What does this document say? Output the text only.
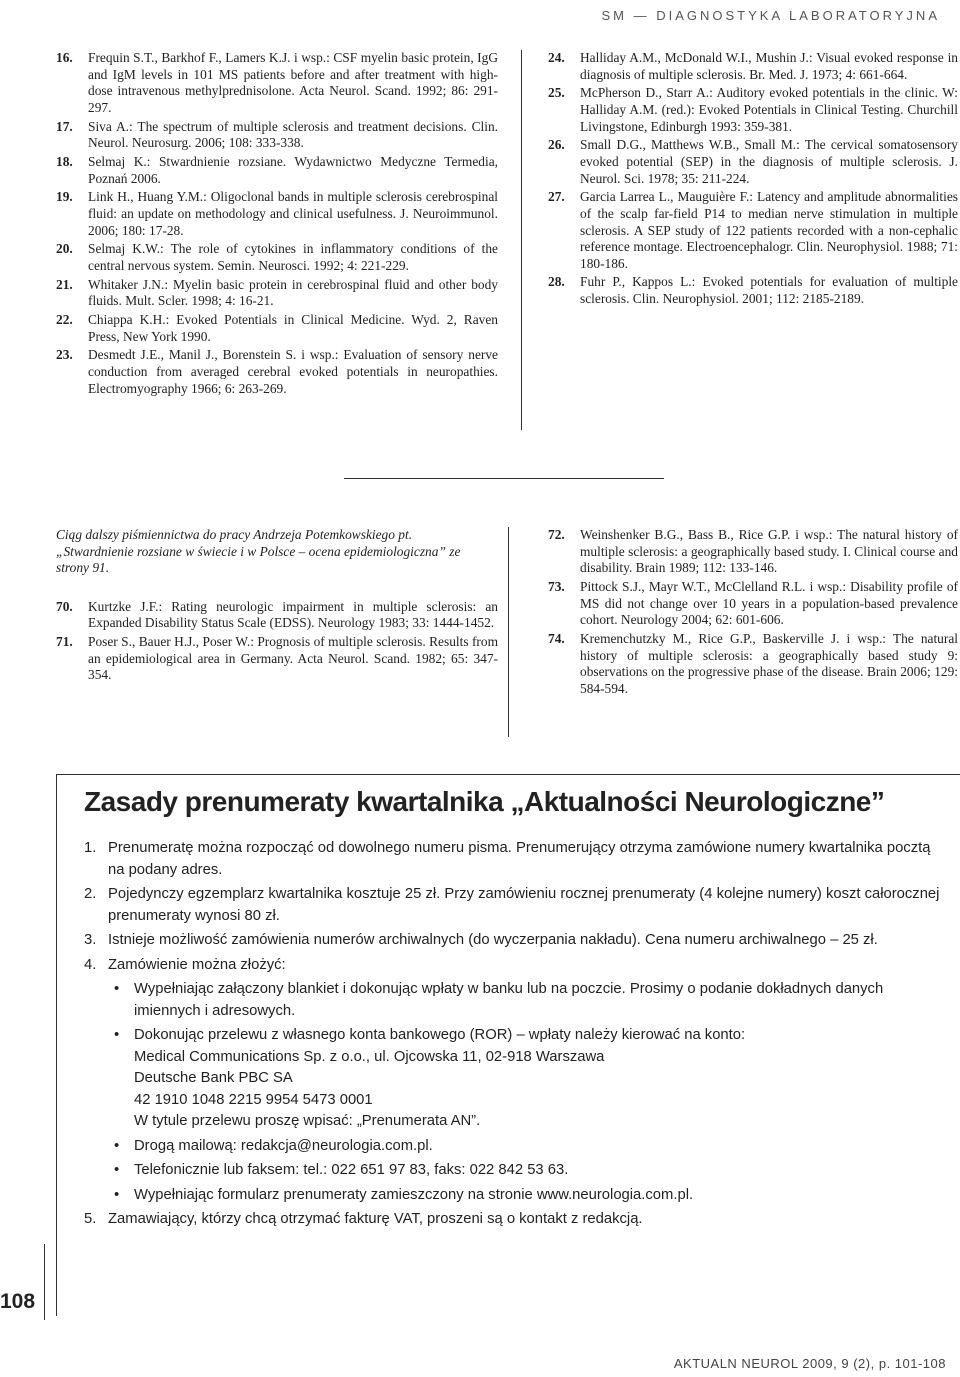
SM — DIAGNOSTYKA LABORATORYJNA
16.	Frequin S.T., Barkhof F., Lamers K.J. i wsp.: CSF myelin basic protein, IgG and IgM levels in 101 MS patients before and after treatment with high-dose intravenous methylprednisolone. Acta Neurol. Scand. 1992; 86: 291-297.
17.	Siva A.: The spectrum of multiple sclerosis and treatment decisions. Clin. Neurol. Neurosurg. 2006; 108: 333-338.
18.	Selmaj K.: Stwardnienie rozsiane. Wydawnictwo Medyczne Termedia, Poznań 2006.
19.	Link H., Huang Y.M.: Oligoclonal bands in multiple sclerosis cerebrospinal fluid: an update on methodology and clinical usefulness. J. Neuroimmunol. 2006; 180: 17-28.
20.	Selmaj K.W.: The role of cytokines in inflammatory conditions of the central nervous system. Semin. Neurosci. 1992; 4: 221-229.
21.	Whitaker J.N.: Myelin basic protein in cerebrospinal fluid and other body fluids. Mult. Scler. 1998; 4: 16-21.
22.	Chiappa K.H.: Evoked Potentials in Clinical Medicine. Wyd. 2, Raven Press, New York 1990.
23.	Desmedt J.E., Manil J., Borenstein S. i wsp.: Evaluation of sensory nerve conduction from averaged cerebral evoked potentials in neuropathies. Electromyography 1966; 6: 263-269.
24.	Halliday A.M., McDonald W.I., Mushin J.: Visual evoked response in diagnosis of multiple sclerosis. Br. Med. J. 1973; 4: 661-664.
25.	McPherson D., Starr A.: Auditory evoked potentials in the clinic. W: Halliday A.M. (red.): Evoked Potentials in Clinical Testing. Churchill Livingstone, Edinburgh 1993: 359-381.
26.	Small D.G., Matthews W.B., Small M.: The cervical somatosensory evoked potential (SEP) in the diagnosis of multiple sclerosis. J. Neurol. Sci. 1978; 35: 211-224.
27.	Garcia Larrea L., Mauguière F.: Latency and amplitude abnormalities of the scalp far-field P14 to median nerve stimulation in multiple sclerosis. A SEP study of 122 patients recorded with a non-cephalic reference montage. Electroencephalogr. Clin. Neurophysiol. 1988; 71: 180-186.
28.	Fuhr P., Kappos L.: Evoked potentials for evaluation of multiple sclerosis. Clin. Neurophysiol. 2001; 112: 2185-2189.
Ciąg dalszy piśmiennictwa do pracy Andrzeja Potemkowskiego pt. „Stwardnienie rozsiane w świecie i w Polsce – ocena epidemiologiczna” ze strony 91.
70.	Kurtzke J.F.: Rating neurologic impairment in multiple sclerosis: an Expanded Disability Status Scale (EDSS). Neurology 1983; 33: 1444-1452.
71.	Poser S., Bauer H.J., Poser W.: Prognosis of multiple sclerosis. Results from an epidemiological area in Germany. Acta Neurol. Scand. 1982; 65: 347-354.
72.	Weinshenker B.G., Bass B., Rice G.P. i wsp.: The natural history of multiple sclerosis: a geographically based study. I. Clinical course and disability. Brain 1989; 112: 133-146.
73.	Pittock S.J., Mayr W.T., McClelland R.L. i wsp.: Disability profile of MS did not change over 10 years in a population-based prevalence cohort. Neurology 2004; 62: 601-606.
74.	Kremenchutzky M., Rice G.P., Baskerville J. i wsp.: The natural history of multiple sclerosis: a geographically based study 9: observations on the progressive phase of the disease. Brain 2006; 129: 584-594.
Zasady prenumeraty kwartalnika „Aktualności Neurologiczne”
1. Prenumeratę można rozpocząć od dowolnego numeru pisma. Prenumerujący otrzyma zamówione numery kwartalnika pocztą na podany adres.
2. Pojedynczy egzemplarz kwartalnika kosztuje 25 zł. Przy zamówieniu rocznej prenumeraty (4 kolejne numery) koszt całorocznej prenumeraty wynosi 80 zł.
3. Istnieje możliwość zamówienia numerów archiwalnych (do wyczerpania nakładu). Cena numeru archiwalnego – 25 zł.
4. Zamówienie można złożyć:
•	Wypełniając załączony blankiet i dokonując wpłaty w banku lub na poczcie. Prosimy o podanie dokładnych danych imiennych i adresowych.
•	Dokonując przelewu z własnego konta bankowego (ROR) – wpłaty należy kierować na konto:
Medical Communications Sp. z o.o., ul. Ojcowska 11, 02-918 Warszawa
Deutsche Bank PBC SA
42 1910 1048 2215 9954 5473 0001
W tytule przelewu proszę wpisać: „Prenumerata AN”.
•	Drogą mailową: redakcja@neurologia.com.pl.
•	Telefonicznie lub faksem: tel.: 022 651 97 83, faks: 022 842 53 63.
•	Wypełniając formularz prenumeraty zamieszczony na stronie www.neurologia.com.pl.
5. Zamawiający, którzy chcą otrzymać fakturę VAT, proszeni są o kontakt z redakcją.
108
AKTUALN NEUROL 2009, 9 (2), p. 101-108
